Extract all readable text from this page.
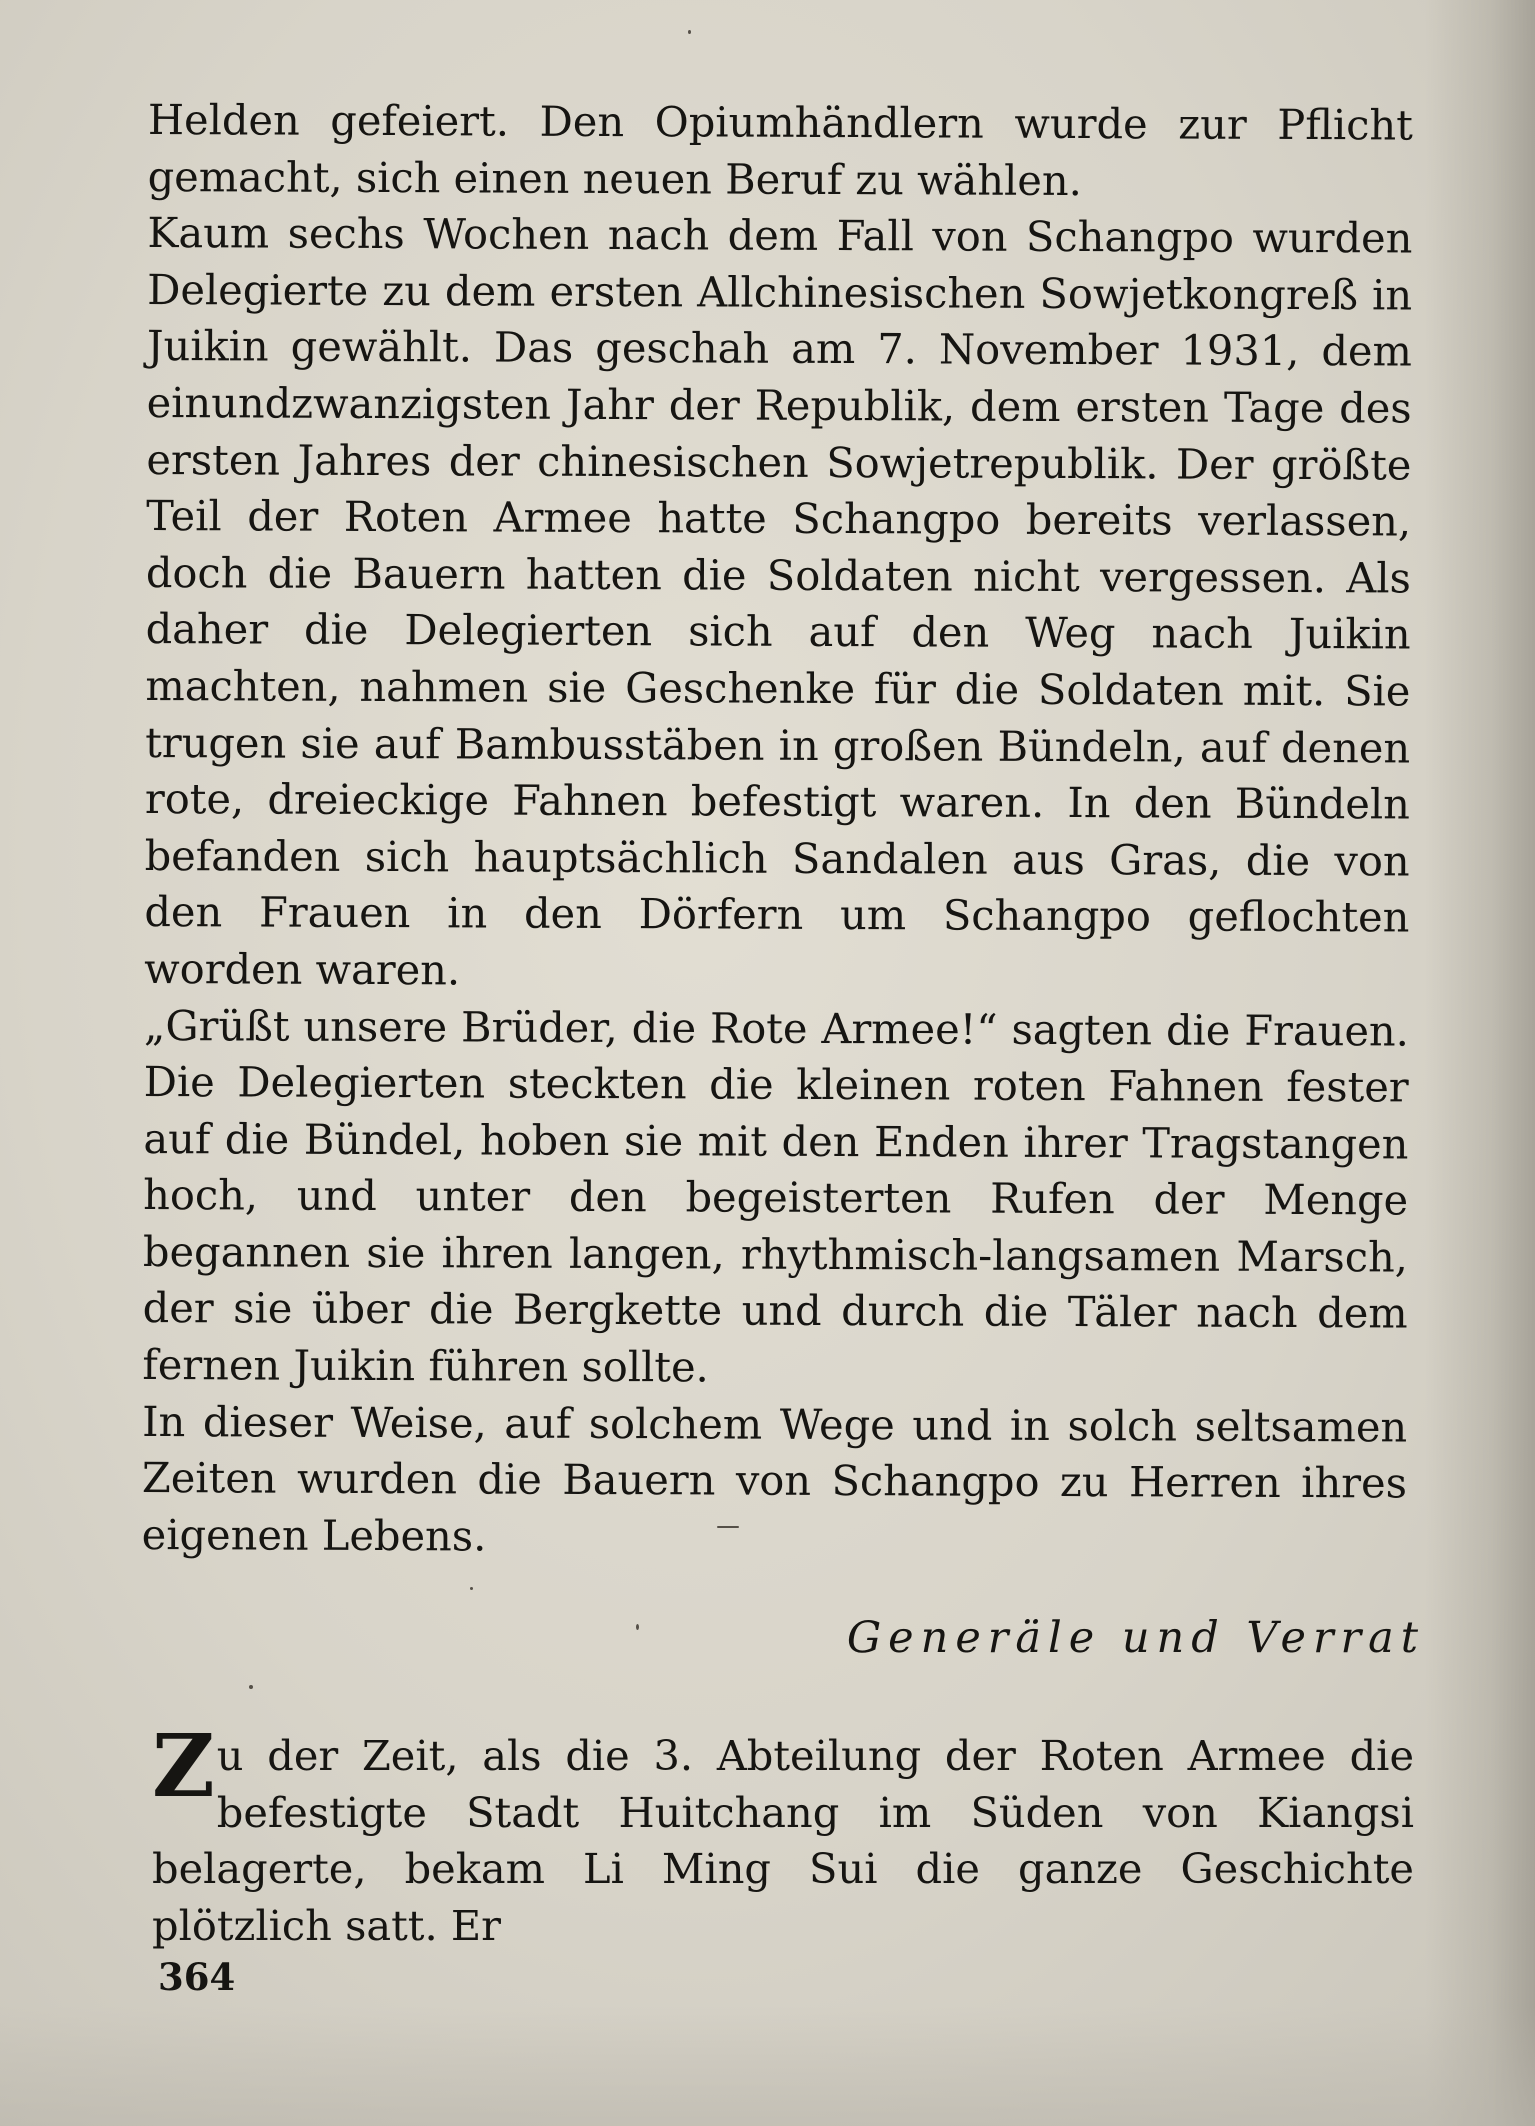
Helden gefeiert. Den Opiumhändlern wurde zur Pflicht gemacht, sich einen neuen Beruf zu wählen.

Kaum sechs Wochen nach dem Fall von Schangpo wurden Delegierte zu dem ersten Allchinesischen Sowjetkongreß in Juikin gewählt. Das geschah am 7. November 1931, dem einundzwanzigsten Jahr der Republik, dem ersten Tage des ersten Jahres der chinesischen Sowjetrepublik. Der größte Teil der Roten Armee hatte Schangpo bereits verlassen, doch die Bauern hatten die Soldaten nicht vergessen. Als daher die Delegierten sich auf den Weg nach Juikin machten, nahmen sie Geschenke für die Soldaten mit. Sie trugen sie auf Bambusstäben in großen Bündeln, auf denen rote, dreieckige Fahnen befestigt waren. In den Bündeln befanden sich hauptsächlich Sandalen aus Gras, die von den Frauen in den Dörfern um Schangpo geflochten worden waren.

„Grüßt unsere Brüder, die Rote Armee!“ sagten die Frauen. Die Delegierten steckten die kleinen roten Fahnen fester auf die Bündel, hoben sie mit den Enden ihrer Tragstangen hoch, und unter den begeisterten Rufen der Menge begannen sie ihren langen, rhythmisch-langsamen Marsch, der sie über die Bergkette und durch die Täler nach dem fernen Juikin führen sollte.

In dieser Weise, auf solchem Wege und in solch seltsamen Zeiten wurden die Bauern von Schangpo zu Herren ihres eigenen Lebens.

Generäle und Verrat

Zu der Zeit, als die 3. Abteilung der Roten Armee die befestigte Stadt Huitchang im Süden von Kiangsi belagerte, bekam Li Ming Sui die ganze Geschichte plötzlich satt. Er

364
